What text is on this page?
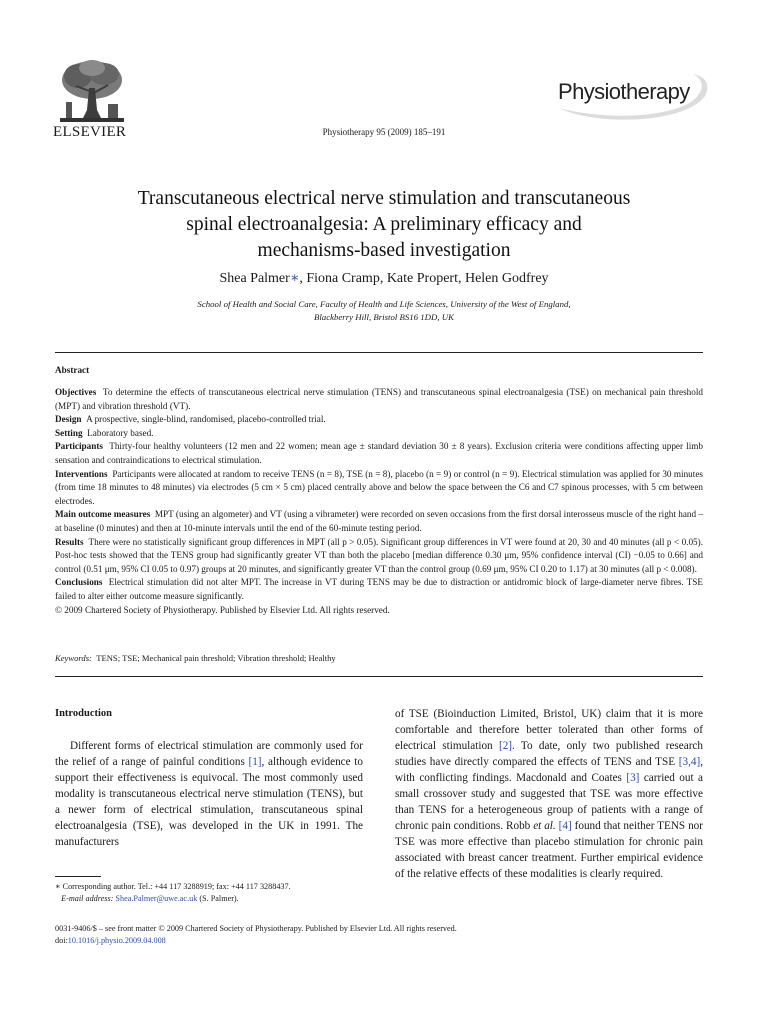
ELSEVIER	Physiotherapy 95 (2009) 185–191
Physiotherapy
Transcutaneous electrical nerve stimulation and transcutaneous
spinal electroanalgesia: A preliminary efficacy and
mechanisms-based investigation
Shea Palmer∗, Fiona Cramp, Kate Propert, Helen Godfrey
School of Health and Social Care, Faculty of Health and Life Sciences, University of the West of England,
Blackberry Hill, Bristol BS16 1DD, UK
Abstract

Objectives To determine the effects of transcutaneous electrical nerve stimulation (TENS) and transcutaneous spinal electroanalgesia (TSE) on mechanical pain threshold (MPT) and vibration threshold (VT).

Design A prospective, single-blind, randomised, placebo-controlled trial.

Setting Laboratory based.

Participants Thirty-four healthy volunteers (12 men and 22 women; mean age ± standard deviation 30 ± 8 years). Exclusion criteria were conditions affecting upper limb sensation and contraindications to electrical stimulation.

Interventions Participants were allocated at random to receive TENS (n = 8), TSE (n = 8), placebo (n = 9) or control (n = 9). Electrical stimulation was applied for 30 minutes (from time 18 minutes to 48 minutes) via electrodes (5 cm × 5 cm) placed centrally above and below the space between the C6 and C7 spinous processes, with 5 cm between electrodes.

Main outcome measures MPT (using an algometer) and VT (using a vibrameter) were recorded on seven occasions from the first dorsal interosseus muscle of the right hand – at baseline (0 minutes) and then at 10-minute intervals until the end of the 60-minute testing period.

Results There were no statistically significant group differences in MPT (all p > 0.05). Significant group differences in VT were found at 20, 30 and 40 minutes (all p < 0.05). Post-hoc tests showed that the TENS group had significantly greater VT than both the placebo [median difference 0.30 μm, 95% confidence interval (CI) −0.05 to 0.66] and control (0.51 μm, 95% CI 0.05 to 0.97) groups at 20 minutes, and significantly greater VT than the control group (0.69 μm, 95% CI 0.20 to 1.17) at 30 minutes (all p < 0.008).

Conclusions Electrical stimulation did not alter MPT. The increase in VT during TENS may be due to distraction or antidromic block of large-diameter nerve fibres. TSE failed to alter either outcome measure significantly.

© 2009 Chartered Society of Physiotherapy. Published by Elsevier Ltd. All rights reserved.

Keywords: TENS; TSE; Mechanical pain threshold; Vibration threshold; Healthy
Introduction

Different forms of electrical stimulation are commonly used for the relief of a range of painful conditions [1], although evidence to support their effectiveness is equivocal. The most commonly used modality is transcutaneous electrical nerve stimulation (TENS), but a newer form of electrical stimulation, transcutaneous spinal electroanalgesia (TSE), was developed in the UK in 1991. The manufacturers

of TSE (Bioinduction Limited, Bristol, UK) claim that it is more comfortable and therefore better tolerated than other forms of electrical stimulation [2]. To date, only two published research studies have directly compared the effects of TENS and TSE [3,4], with conflicting findings. Macdonald and Coates [3] carried out a small crossover study and suggested that TSE was more effective than TENS for a heterogeneous group of patients with a range of chronic pain conditions. Robb et al. [4] found that neither TENS nor TSE was more effective than placebo stimulation for chronic pain associated with breast cancer treatment. Further empirical evidence of the relative effects of these modalities is clearly required.

∗ Corresponding author. Tel.: +44 117 3288919; fax: +44 117 3288437.
E-mail address: Shea.Palmer@uwe.ac.uk (S. Palmer).
0031-9406/$ – see front matter © 2009 Chartered Society of Physiotherapy. Published by Elsevier Ltd. All rights reserved.
doi:10.1016/j.physio.2009.04.008
